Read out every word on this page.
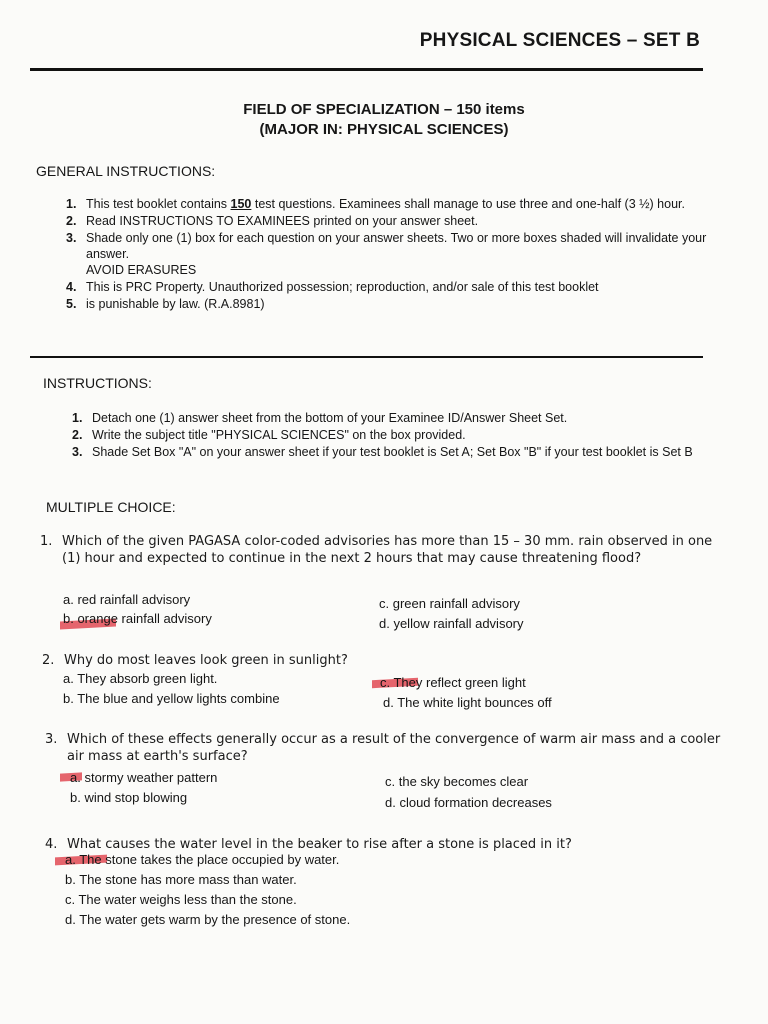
PHYSICAL SCIENCES – SET B
FIELD OF SPECIALIZATION – 150 items
(MAJOR IN: PHYSICAL SCIENCES)
GENERAL INSTRUCTIONS:
1. This test booklet contains 150 test questions. Examinees shall manage to use three and one-half (3 ½) hour.
2. Read INSTRUCTIONS TO EXAMINEES printed on your answer sheet.
3. Shade only one (1) box for each question on your answer sheets. Two or more boxes shaded will invalidate your answer.
AVOID ERASURES
4. This is PRC Property. Unauthorized possession; reproduction, and/or sale of this test booklet
5. is punishable by law. (R.A.8981)
INSTRUCTIONS:
1. Detach one (1) answer sheet from the bottom of your Examinee ID/Answer Sheet Set.
2. Write the subject title "PHYSICAL SCIENCES" on the box provided.
3. Shade Set Box "A" on your answer sheet if your test booklet is Set A; Set Box "B" if your test booklet is Set B
MULTIPLE CHOICE:
1. Which of the given PAGASA color-coded advisories has more than 15 – 30 mm. rain observed in one (1) hour and expected to continue in the next 2 hours that may cause threatening flood?
a. red rainfall advisory
b. orange rainfall advisory
c. green rainfall advisory
d. yellow rainfall advisory
2. Why do most leaves look green in sunlight?
a. They absorb green light.
b. The blue and yellow lights combine
c. They reflect green light
d. The white light bounces off
3. Which of these effects generally occur as a result of the convergence of warm air mass and a cooler air mass at earth's surface?
a. stormy weather pattern
b. wind stop blowing
c. the sky becomes clear
d. cloud formation decreases
4. What causes the water level in the beaker to rise after a stone is placed in it?
a. The stone takes the place occupied by water.
b. The stone has more mass than water.
c. The water weighs less than the stone.
d. The water gets warm by the presence of stone.
